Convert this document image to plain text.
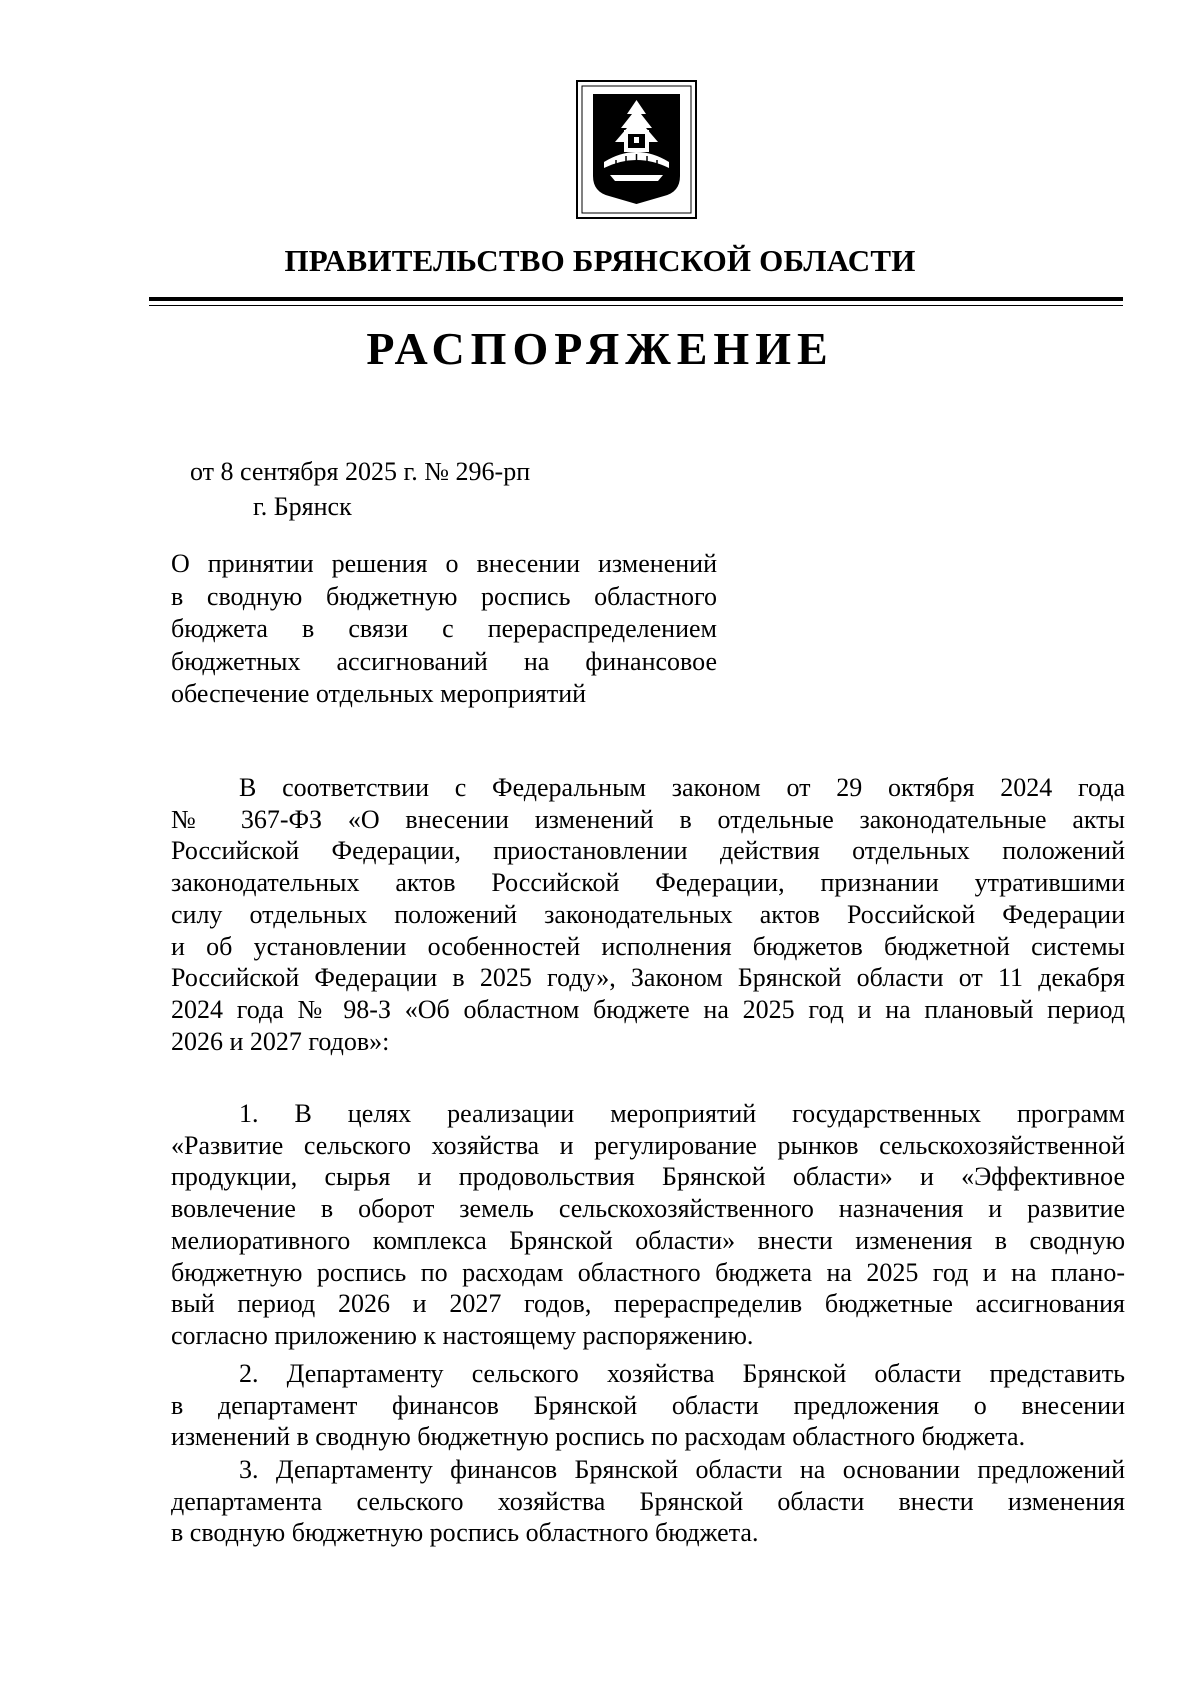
ПРАВИТЕЛЬСТВО БРЯНСКОЙ ОБЛАСТИ
РАСПОРЯЖЕНИЕ
от 8 сентября 2025 г. № 296-рп
г. Брянск
О принятии решения о внесении изменений
в сводную бюджетную роспись областного
бюджета в связи с перераспределением
бюджетных ассигнований на финансовое
обеспечение отдельных мероприятий
В соответствии с Федеральным законом от 29 октября 2024 года
№ 367-ФЗ «О внесении изменений в отдельные законодательные акты
Российской Федерации, приостановлении действия отдельных положений
законодательных актов Российской Федерации, признании утратившими
силу отдельных положений законодательных актов Российской Федерации
и об установлении особенностей исполнения бюджетов бюджетной системы
Российской Федерации в 2025 году», Законом Брянской области от 11 декабря
2024 года № 98-З «Об областном бюджете на 2025 год и на плановый период
2026 и 2027 годов»:
1. В целях реализации мероприятий государственных программ
«Развитие сельского хозяйства и регулирование рынков сельскохозяйственной
продукции, сырья и продовольствия Брянской области» и «Эффективное
вовлечение в оборот земель сельскохозяйственного назначения и развитие
мелиоративного комплекса Брянской области» внести изменения в сводную
бюджетную роспись по расходам областного бюджета на 2025 год и на плано-
вый период 2026 и 2027 годов, перераспределив бюджетные ассигнования
согласно приложению к настоящему распоряжению.
2. Департаменту сельского хозяйства Брянской области представить
в департамент финансов Брянской области предложения о внесении
изменений в сводную бюджетную роспись по расходам областного бюджета.
3. Департаменту финансов Брянской области на основании предложений
департамента сельского хозяйства Брянской области внести изменения
в сводную бюджетную роспись областного бюджета.
